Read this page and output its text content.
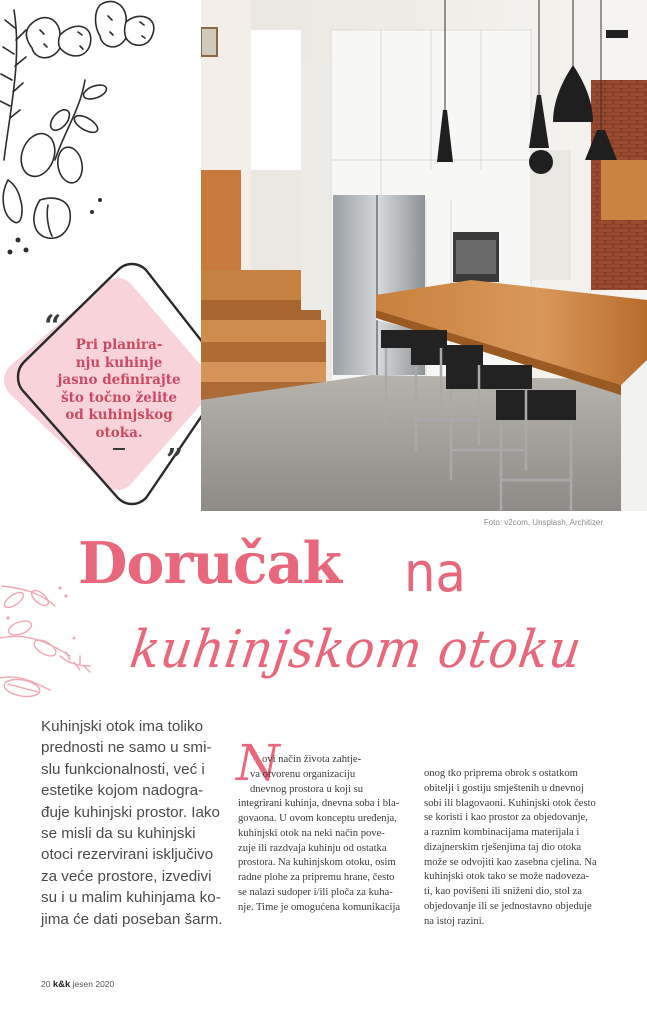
“
Pri planira-
nju kuhinje
jasno definirajte
što točno želite
od kuhinjskog
otoka.
”
Foto: v2com, Unsplash, Architizer
Doručak na
kuhinjskom otoku
Kuhinjski otok ima toliko
prednosti ne samo u smi-
slu funkcionalnosti, već i
estetike kojom nadogra-
đuje kuhinjski prostor. Iako
se misli da su kuhinjski
otoci rezervirani isključivo
za veće prostore, izvedivi
su i u malim kuhinjama ko-
jima će dati poseban šarm.
N
ovi način života zahtje-
va otvorenu organizaciju
dnevnog prostora u koji su
integrirani kuhinja, dnevna soba i bla-
govaona. U ovom konceptu uređenja,
kuhinjski otok na neki način pove-
zuje ili razdvaja kuhinju od ostatka
prostora. Na kuhinjskom otoku, osim
radne plohe za pripremu hrane, često
se nalazi sudoper i/ili ploča za kuha-
nje. Time je omogućena komunikacija
onog tko priprema obrok s ostatkom
obitelji i gostiju smještenih u dnevnoj
sobi ili blagovaoni. Kuhinjski otok često
se koristi i kao prostor za objedovanje,
a raznim kombinacijama materijala i
dizajnerskim rješenjima taj dio otoka
može se odvojiti kao zasebna cjelina. Na
kuhinjski otok tako se može nadoveza-
ti, kao povišeni ili sniženi dio, stol za
objedovanje ili se jednostavno objeduje
na istoj razini.
20 k&k jesen 2020
